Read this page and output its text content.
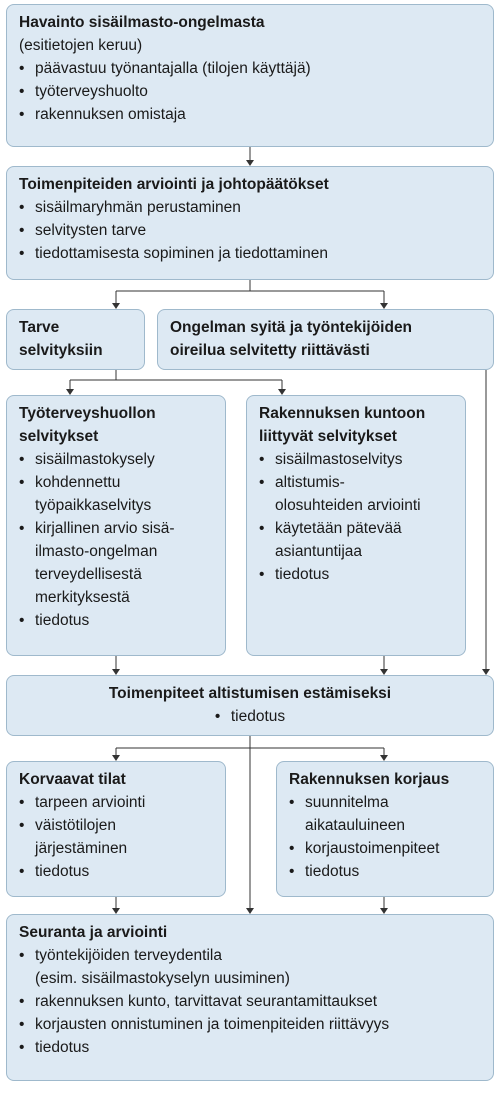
Havainto sisäilmasto-ongelmasta
(esitietojen keruu)
• päävastuu työnantajalla (tilojen käyttäjä)
• työterveyshuolto
• rakennuksen omistaja
Toimenpiteiden arviointi ja johtopäätökset
• sisäilmaryhmän perustaminen
• selvitysten tarve
• tiedottamisesta sopiminen ja tiedottaminen
Tarve
selvityksiin
Ongelman syitä ja työntekijöiden
oireilua selvitetty riittävästi
Työterveyshuollon
selvitykset
• sisäilmastokysely
• kohdennettu
työpaikkaselvitys
• kirjallinen arvio sisä-
ilmasto-ongelman
terveydellisestä
merkityksestä
• tiedotus
Rakennuksen kuntoon
liittyvät selvitykset
• sisäilmastoselvitys
• altistumis-
olosuhteiden arviointi
• käytetään pätevää
asiantuntijaa
• tiedotus
Toimenpiteet altistumisen estämiseksi
• tiedotus
Korvaavat tilat
• tarpeen arviointi
• väistötilojen
järjestäminen
• tiedotus
Rakennuksen korjaus
• suunnitelma
aikatauluineen
• korjaustoimenpiteet
• tiedotus
Seuranta ja arviointi
• työntekijöiden terveydentila
(esim. sisäilmastokyselyn uusiminen)
• rakennuksen kunto, tarvittavat seurantamittaukset
• korjausten onnistuminen ja toimenpiteiden riittävyys
• tiedotus
